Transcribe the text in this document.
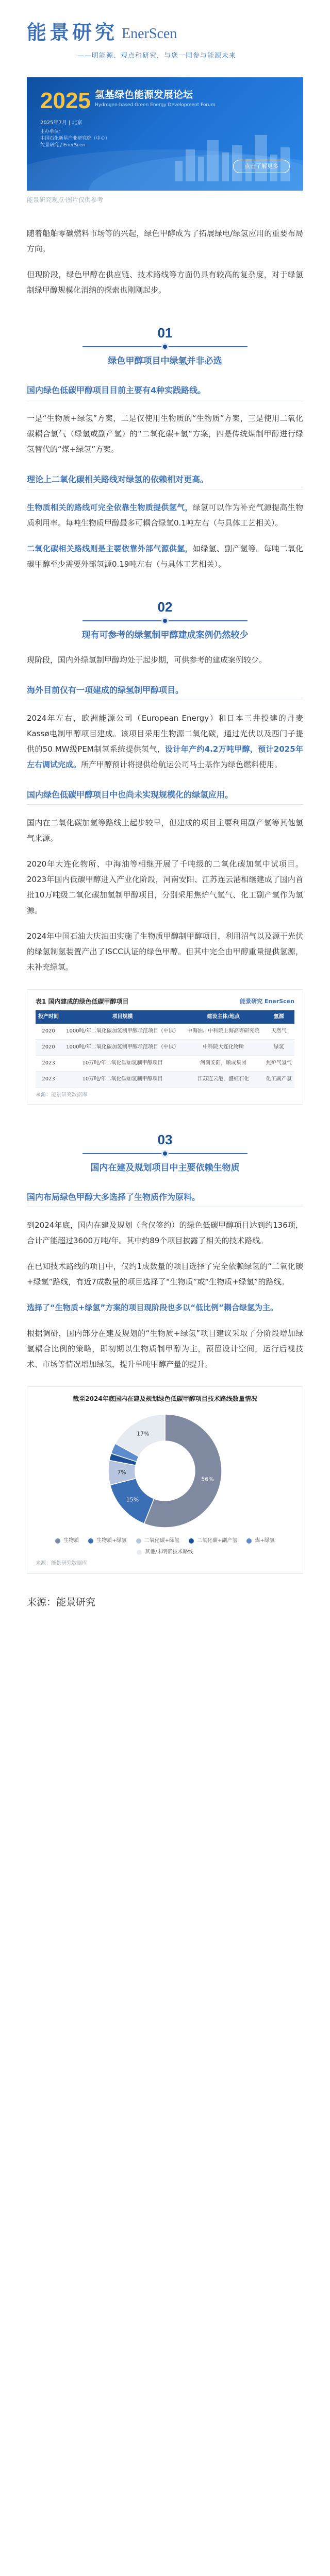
能景研究 EnerScen
——明能源、观点和研究，与您一同参与能源未来
2025 氢基绿色能源发展论坛
Hydrogen-based Green Energy Development Forum
2025年7月 | 北京
主办单位：
中国石化新星产业研究院（中心）
能景研究 / EnerScen
点击了解更多
能景研究观点·图片仅供参考

随着船舶零碳燃料市场等的兴起，绿色甲醇成为了拓展绿电/绿氢应用的重要布局方向。

但现阶段，绿色甲醇在供应链、技术路线等方面仍具有较高的复杂度，对于绿氢制绿甲醇规模化消纳的探索也刚刚起步。

01
绿色甲醇项目中绿氢并非必选
国内绿色低碳甲醇项目目前主要有4种实践路线。

一是“生物质+绿氢”方案，二是仅使用生物质的“生物质”方案，三是使用二氧化碳耦合氢气（绿氢或副产氢）的“二氧化碳+氢”方案，四是传统煤制甲醇进行绿氢替代的“煤+绿氢”方案。

理论上二氧化碳相关路线对绿氢的依赖相对更高。

生物质相关的路线可完全依靠生物质提供氢气，绿氢可以作为补充气源提高生物质利用率。每吨生物质甲醇最多可耦合绿氢0.1吨左右（与具体工艺相关）。

二氧化碳相关路线则是主要依靠外部气源供氢，如绿氢、副产氢等。每吨二氧化碳甲醇至少需要外部氢源0.19吨左右（与具体工艺相关）。

02
现有可参考的绿氢制甲醇建成案例仍然较少

现阶段，国内外绿氢制甲醇均处于起步期，可供参考的建成案例较少。

海外目前仅有一项建成的绿氢制甲醇项目。

2024年左右，欧洲能源公司（European Energy）和日本三井投建的丹麦Kassø电制甲醇项目建成。该项目采用生物源二氧化碳，通过光伏以及西门子提供的50 MW级PEM制氢系统提供氢气，设计年产约4.2万吨甲醇，预计2025年左右调试完成。所产甲醇预计将提供给航运公司马士基作为绿色燃料使用。

国内绿色低碳甲醇项目中也尚未实现规模化的绿氢应用。

国内在二氧化碳加氢等路线上起步较早，但建成的项目主要利用副产氢等其他氢气来源。

2020年大连化物所、中海油等相继开展了千吨级的二氧化碳加氢中试项目。2023年国内低碳甲醇进入产业化阶段，河南安阳、江苏连云港相继建成了国内首批10万吨级二氧化碳加氢制甲醇项目，分别采用焦炉气氢气、化工副产氢作为氢源。

2024年中国石油大庆油田实施了生物质甲醇制甲醇项目，利用沼气以及源于光伏的绿氢制氢装置产出了ISCC认证的绿色甲醇。但其中完全由甲醇重量提供氢源，未补充绿氢。

表1 国内建成的绿色低碳甲醇项目	能景研究 EnerScen
投产时间	项目规模	建设主体/地点	氢源
2020	1000吨/年二氧化碳加氢制甲醇示范项目（中试）	中海油、中科院上海高等研究院	天然气
2020	1000吨/年二氧化碳加氢制甲醇示范项目（中试）	中科院大连化物所	绿氢
2023	10万吨/年二氧化碳加氢制甲醇项目	河南安阳，顺成集团	焦炉气氢气
2023	10万吨/年二氧化碳加氢制甲醇项目	江苏连云港，盛虹石化	化工副产氢
来源：能景研究数据库
03
国内在建及规划项目中主要依赖生物质
国内布局绿色甲醇大多选择了生物质作为原料。

到2024年底，国内在建及规划（含仅签约）的绿色低碳甲醇项目达到约136项，合计产能超过3600万吨/年。其中约89个项目披露了相关的技术路线。

在已知技术路线的项目中，仅约1成数量的项目选择了完全依赖绿氢的“二氧化碳+绿氢”路线，有近7成数量的项目选择了“生物质”或“生物质+绿氢”的路线。

选择了“生物质+绿氢”方案的项目现阶段也多以“低比例”耦合绿氢为主。

根据调研，国内部分在建及规划的“生物质+绿氢”项目建议采取了分阶段增加绿氢耦合比例的策略，即初期以生物质制甲醇为主，预留设计空间，运行后视技术、市场等情况增加绿氢，提升单吨甲醇产量的提升。

截至2024年底国内在建及规划绿色低碳甲醇项目技术路线数量情况
56%
15%
7%
17%
生物质	生物质+绿氢	二氧化碳+绿氢	二氧化碳+副产氢	煤+绿氢
其他/未明确技术路线
来源：能景研究数据库
来源：能景研究
